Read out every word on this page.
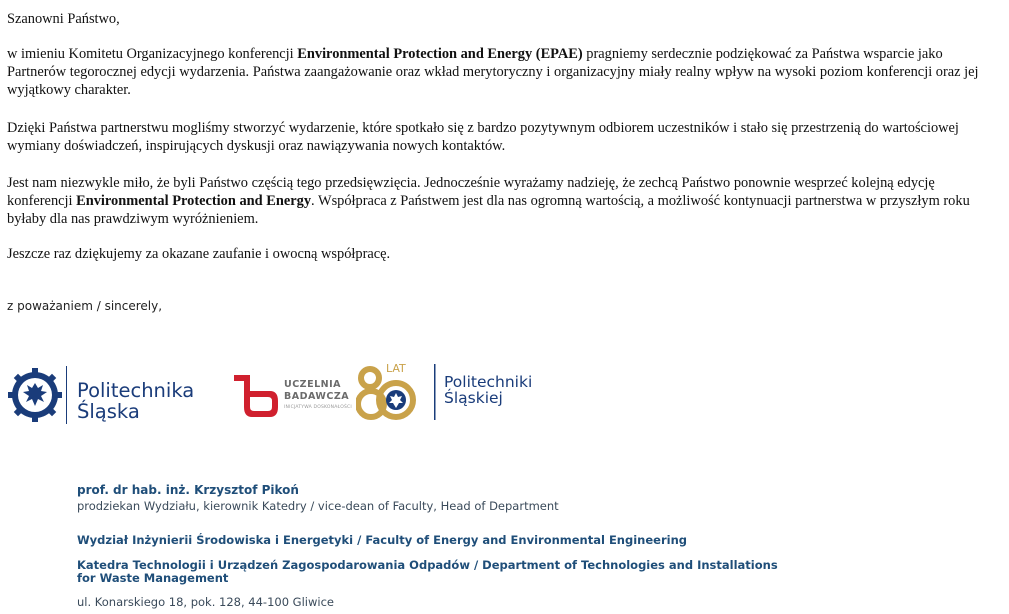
Szanowni Państwo,

w imieniu Komitetu Organizacyjnego konferencji Environmental Protection and Energy (EPAE) pragniemy serdecznie podziękować za Państwa wsparcie jako Partnerów tegorocznej edycji wydarzenia. Państwa zaangażowanie oraz wkład merytoryczny i organizacyjny miały realny wpływ na wysoki poziom konferencji oraz jej wyjątkowy charakter.

Dzięki Państwa partnerstwu mogliśmy stworzyć wydarzenie, które spotkało się z bardzo pozytywnym odbiorem uczestników i stało się przestrzenią do wartościowej wymiany doświadczeń, inspirujących dyskusji oraz nawiązywania nowych kontaktów.

Jest nam niezwykle miło, że byli Państwo częścią tego przedsięwzięcia. Jednocześnie wyrażamy nadzieję, że zechcą Państwo ponownie wesprzeć kolejną edycję konferencji Environmental Protection and Energy. Współpraca z Państwem jest dla nas ogromną wartością, a możliwość kontynuacji partnerstwa w przyszłym roku byłaby dla nas prawdziwym wyróżnieniem.

Jeszcze raz dziękujemy za okazane zaufanie i owocną współpracę.

z poważaniem / sincerely,
Politechnika
Śląska
UCZELNIA
BADAWCZA
INICJATYWA DOSKONAŁOŚCI
LAT
Politechniki
Śląskiej
prof. dr hab. inż. Krzysztof Pikoń
prodziekan Wydziału, kierownik Katedry / vice-dean of Faculty, Head of Department
Wydział Inżynierii Środowiska i Energetyki / Faculty of Energy and Environmental Engineering
Katedra Technologii i Urządzeń Zagospodarowania Odpadów / Department of Technologies and Installations for Waste Management
ul. Konarskiego 18, pok. 128, 44-100 Gliwice
